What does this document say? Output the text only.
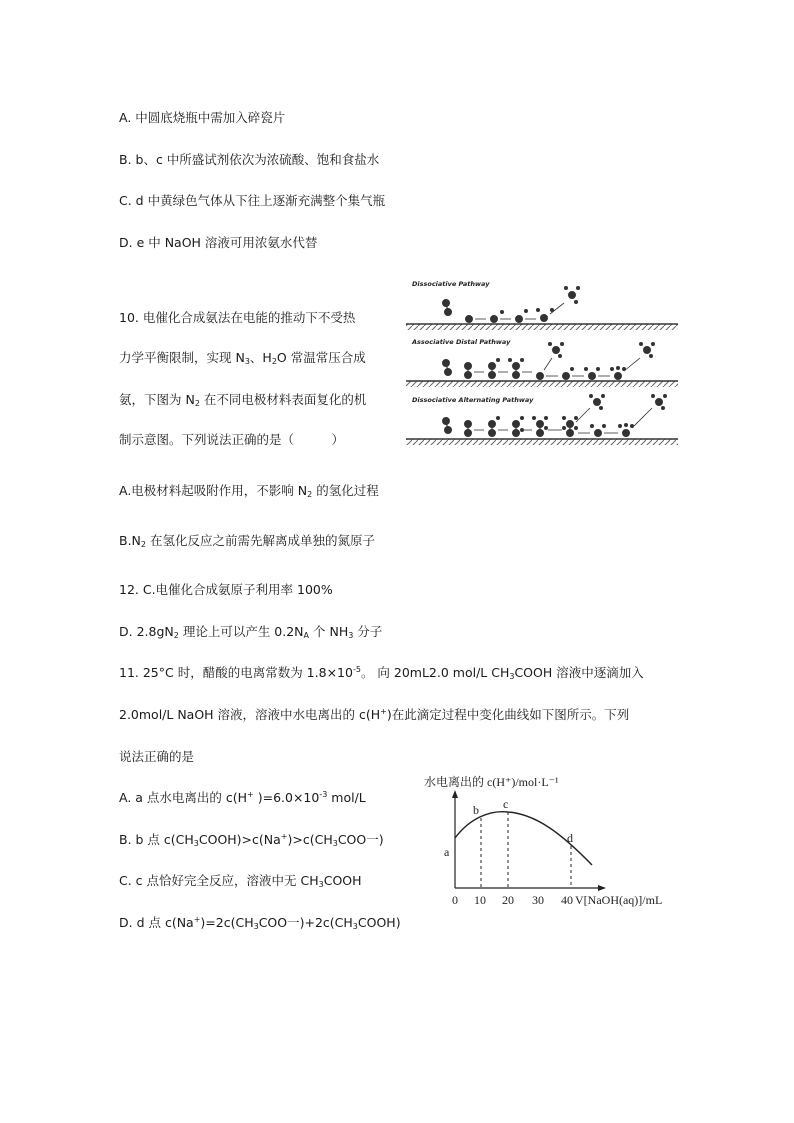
A. 中圆底烧瓶中需加入碎瓷片
B. b、c 中所盛试剂依次为浓硫酸、饱和食盐水
C. d 中黄绿色气体从下往上逐渐充满整个集气瓶
D. e 中 NaOH 溶液可用浓氨水代替
10. 电催化合成氨法在电能的推动下不受热
力学平衡限制，实现 $N_3$、$H_2O$ 常温常压合成
氨，下图为 $N_2$ 在不同电极材料表面复化的机
制示意图。下列说法正确的是（　　　）
Dissociative Pathway
Associative Distal Pathway
Dissociative Alternating Pathway
A.电极材料起吸附作用，不影响 $N_2$ 的氢化过程
$B.N_2$ 在氢化反应之前需先解离成单独的氮原子
12. C.电催化合成氨原子利用率 100%
D. $2.8gN_2$ 理论上可以产生 $0.2N_A$ 个 $NH_3$ 分子
11. 25°C 时，醋酸的电离常数为 $1.8\times 10^{-5}$。 向 20mL2.0 mol/L $CH_3COOH$ 溶液中逐滴加入
2.0mol/L NaOH 溶液，溶液中水电离出的 c(H+)在此滴定过程中变化曲线如下图所示。下列
说法正确的是
A. a 点水电离出的 c(H+ )$=6.0\times 10^{-3}$ mol/L
B. b 点 $c(CH_3COOH)>c(Na^+)>c(CH_3COO$一)
C. c 点恰好完全反应，溶液中无 $CH_3COOH$
D. d 点 $c(Na^+)=2c(CH_3COO$一)$+2c(CH_3COOH)$
水电离出的 c(H⁺)/mol·L⁻¹
a
b c
d
0 10 20 30 40 V[NaOH(aq)]/mL
